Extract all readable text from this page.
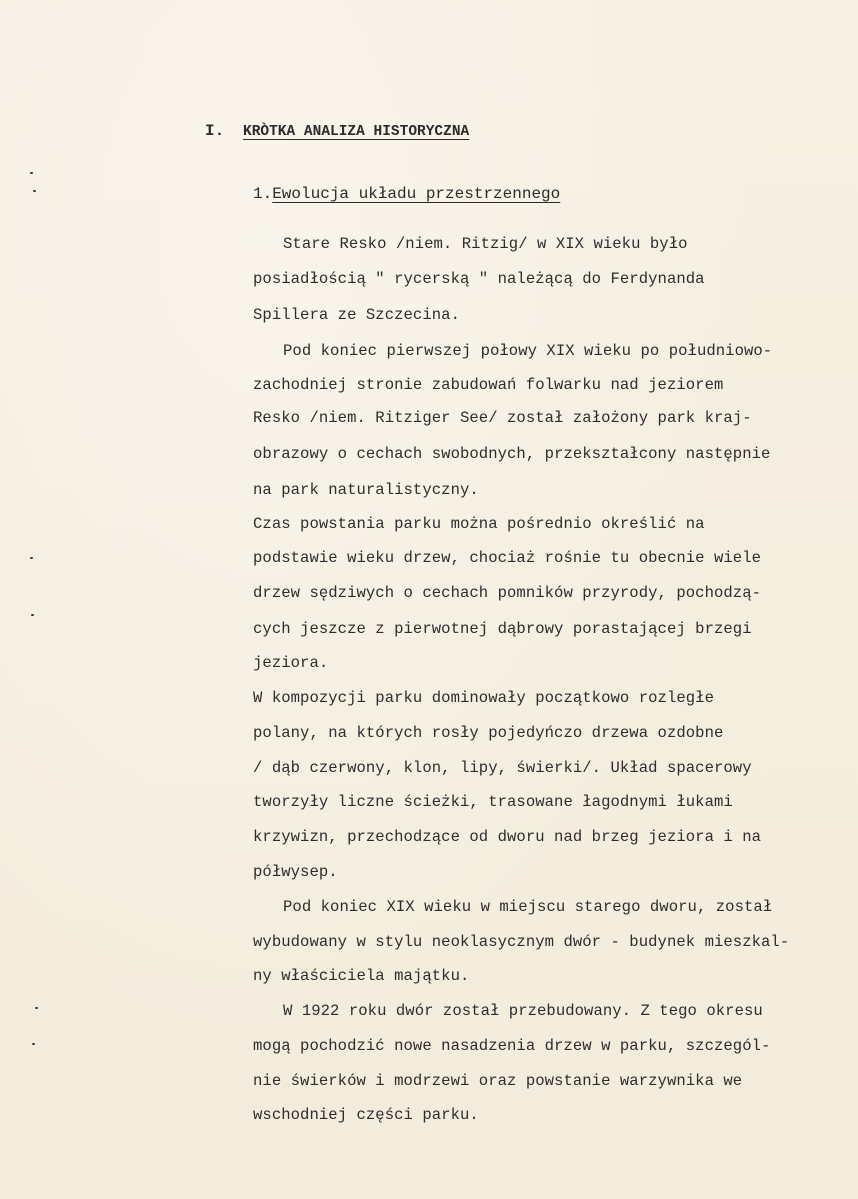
I. KRÒTKA ANALIZA HISTORYCZNA
1.Ewolucja układu przestrzennego
Stare Resko /niem. Ritzig/ w XIX wieku było
posiadłością " rycerską " należącą do Ferdynanda
Spillera ze Szczecina.
Pod koniec pierwszej połowy XIX wieku po południowo-
zachodniej stronie zabudowań folwarku nad jeziorem
Resko /niem. Ritziger See/ został założony park kraj-
obrazowy o cechach swobodnych, przekształcony następnie
na park naturalistyczny.
Czas powstania parku można pośrednio określić na
podstawie wieku drzew, chociaż rośnie tu obecnie wiele
drzew sędziwych o cechach pomników przyrody, pochodzą-
cych jeszcze z pierwotnej dąbrowy porastającej brzegi
jeziora.
W kompozycji parku dominowały początkowo rozległe
polany, na których rosły pojedyńczo drzewa ozdobne
/ dąb czerwony, klon, lipy, świerki/. Układ spacerowy
tworzyły liczne ścieżki, trasowane łagodnymi łukami
krzywizn, przechodzące od dworu nad brzeg jeziora i na
półwysep.
Pod koniec XIX wieku w miejscu starego dworu, został
wybudowany w stylu neoklasycznym dwór - budynek mieszkal-
ny właściciela majątku.
W 1922 roku dwór został przebudowany. Z tego okresu
mogą pochodzić nowe nasadzenia drzew w parku, szczegól-
nie świerków i modrzewi oraz powstanie warzywnika we
wschodniej części parku.
